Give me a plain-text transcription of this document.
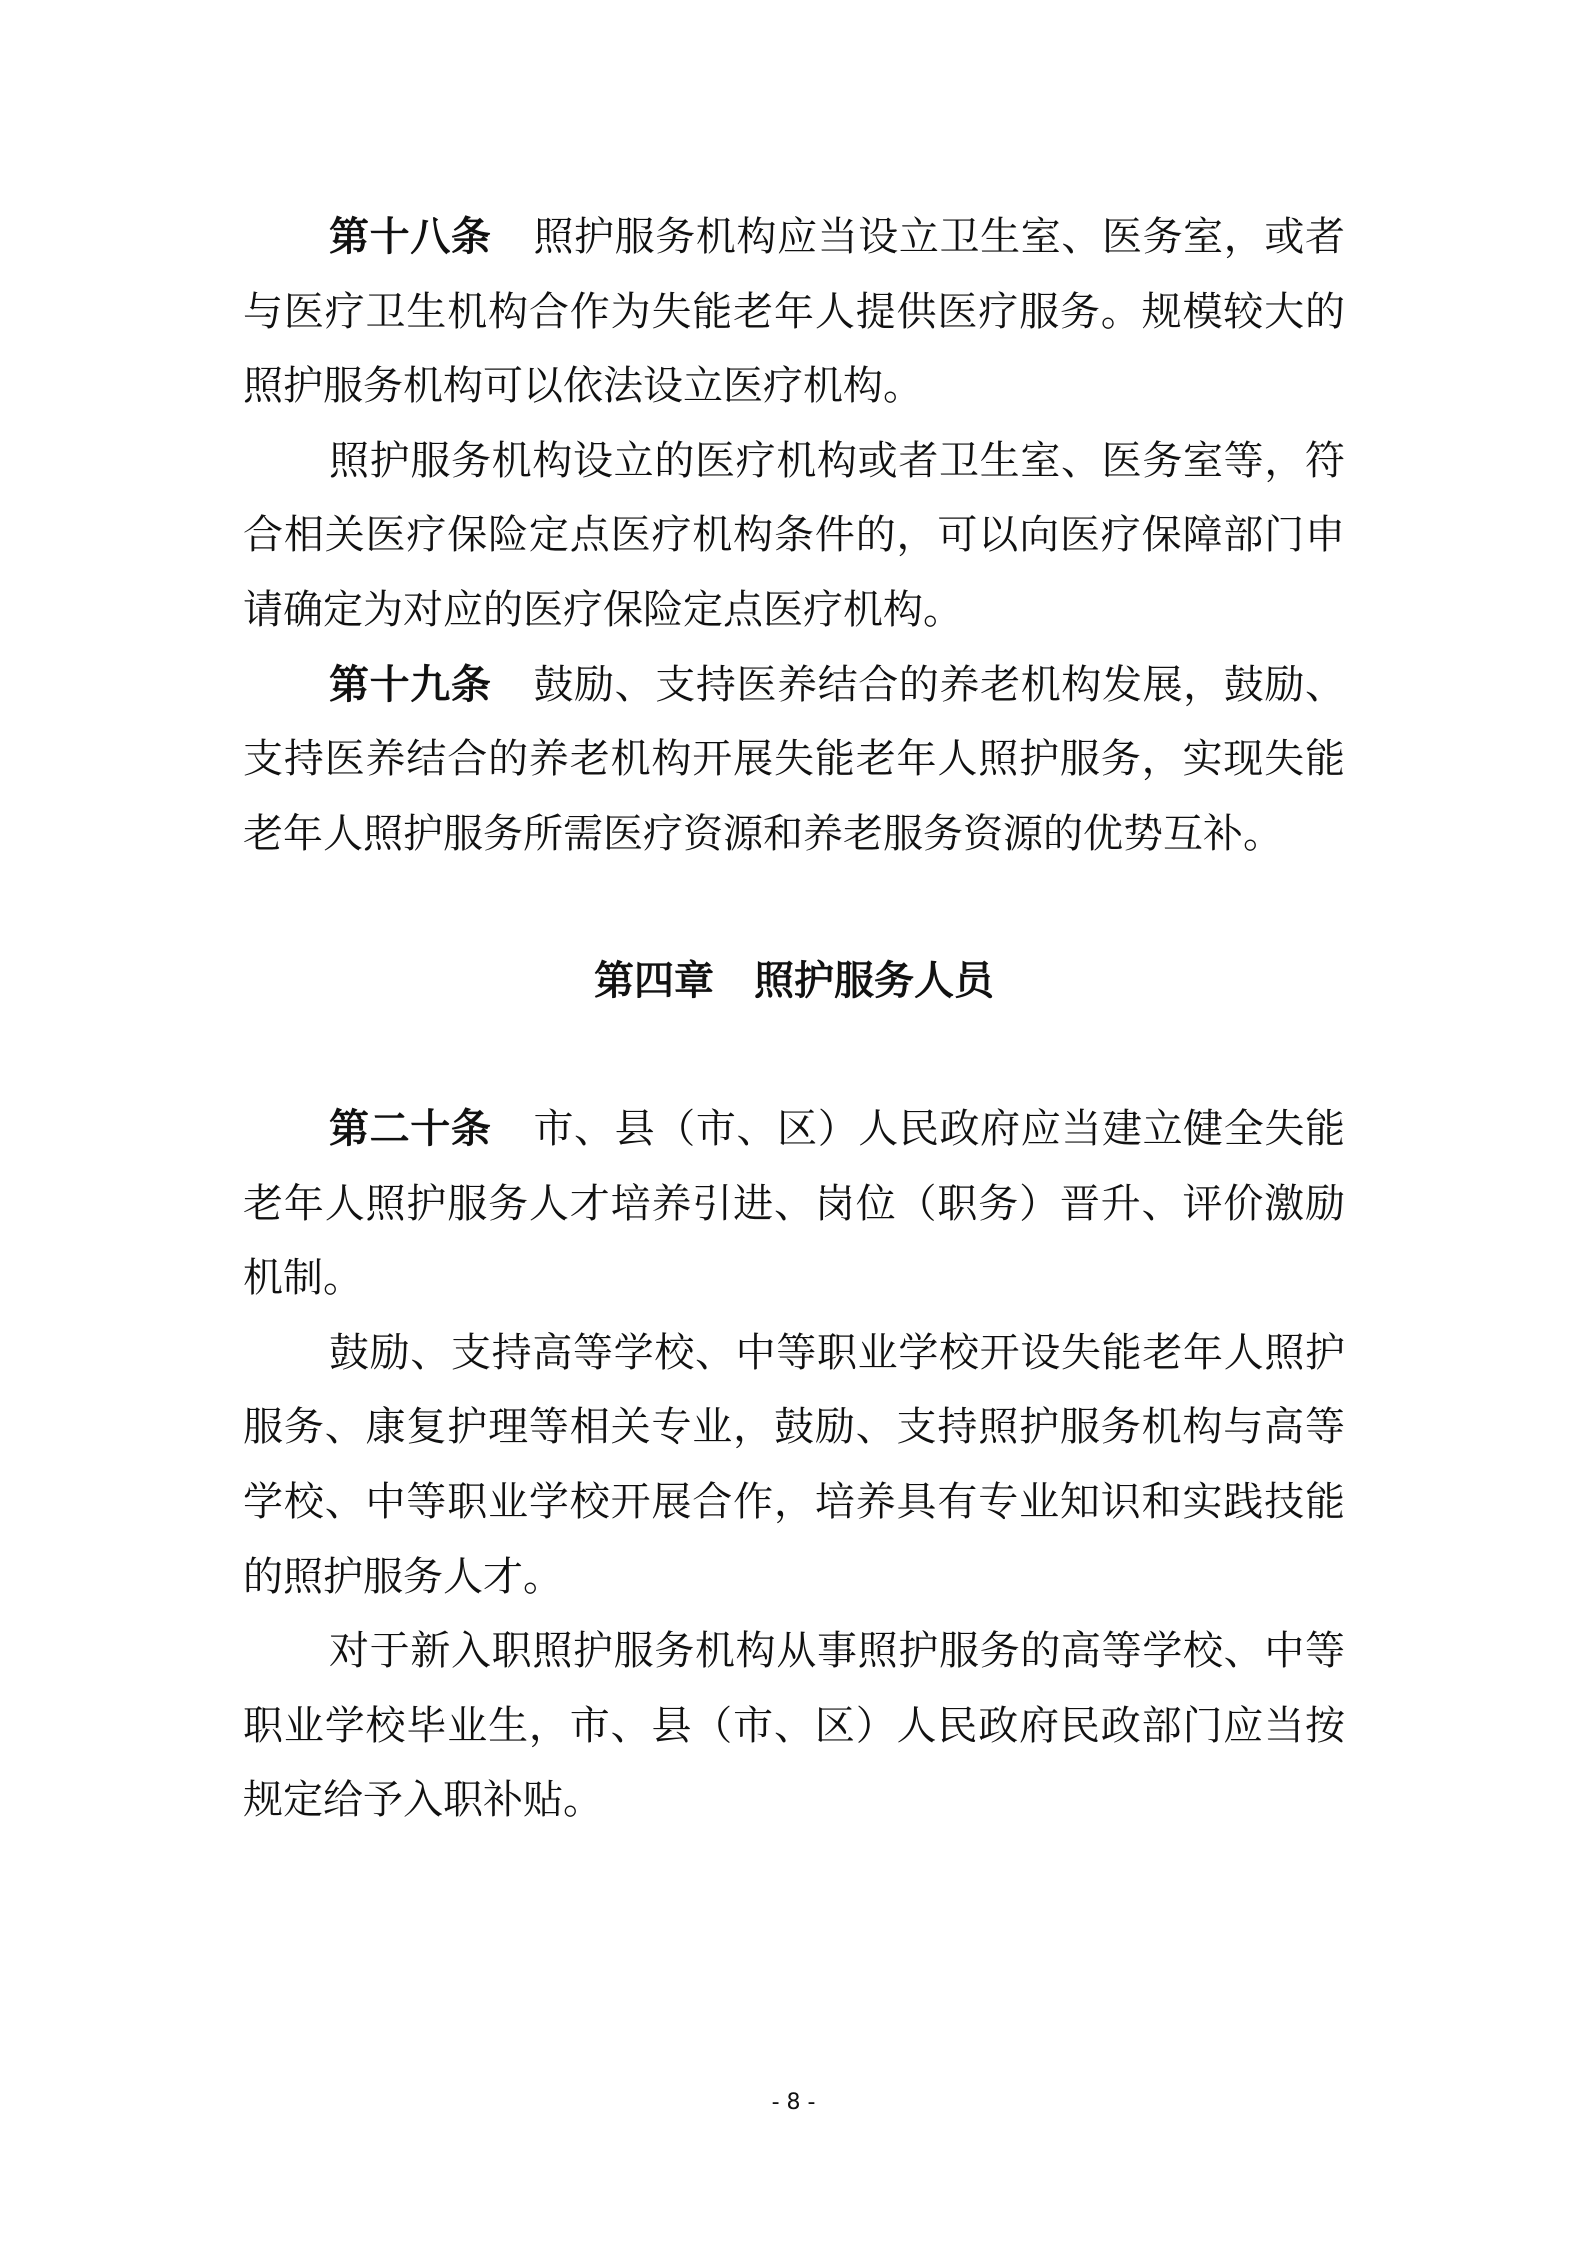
第十八条 照护服务机构应当设立卫生室、医务室，或者与医疗卫生机构合作为失能老年人提供医疗服务。规模较大的照护服务机构可以依法设立医疗机构。

照护服务机构设立的医疗机构或者卫生室、医务室等，符合相关医疗保险定点医疗机构条件的，可以向医疗保障部门申请确定为对应的医疗保险定点医疗机构。

第十九条 鼓励、支持医养结合的养老机构发展，鼓励、支持医养结合的养老机构开展失能老年人照护服务，实现失能老年人照护服务所需医疗资源和养老服务资源的优势互补。

第四章 照护服务人员

第二十条 市、县（市、区）人民政府应当建立健全失能老年人照护服务人才培养引进、岗位（职务）晋升、评价激励机制。

鼓励、支持高等学校、中等职业学校开设失能老年人照护服务、康复护理等相关专业，鼓励、支持照护服务机构与高等学校、中等职业学校开展合作，培养具有专业知识和实践技能的照护服务人才。

对于新入职照护服务机构从事照护服务的高等学校、中等职业学校毕业生，市、县（市、区）人民政府民政部门应当按规定给予入职补贴。

- 8 -
